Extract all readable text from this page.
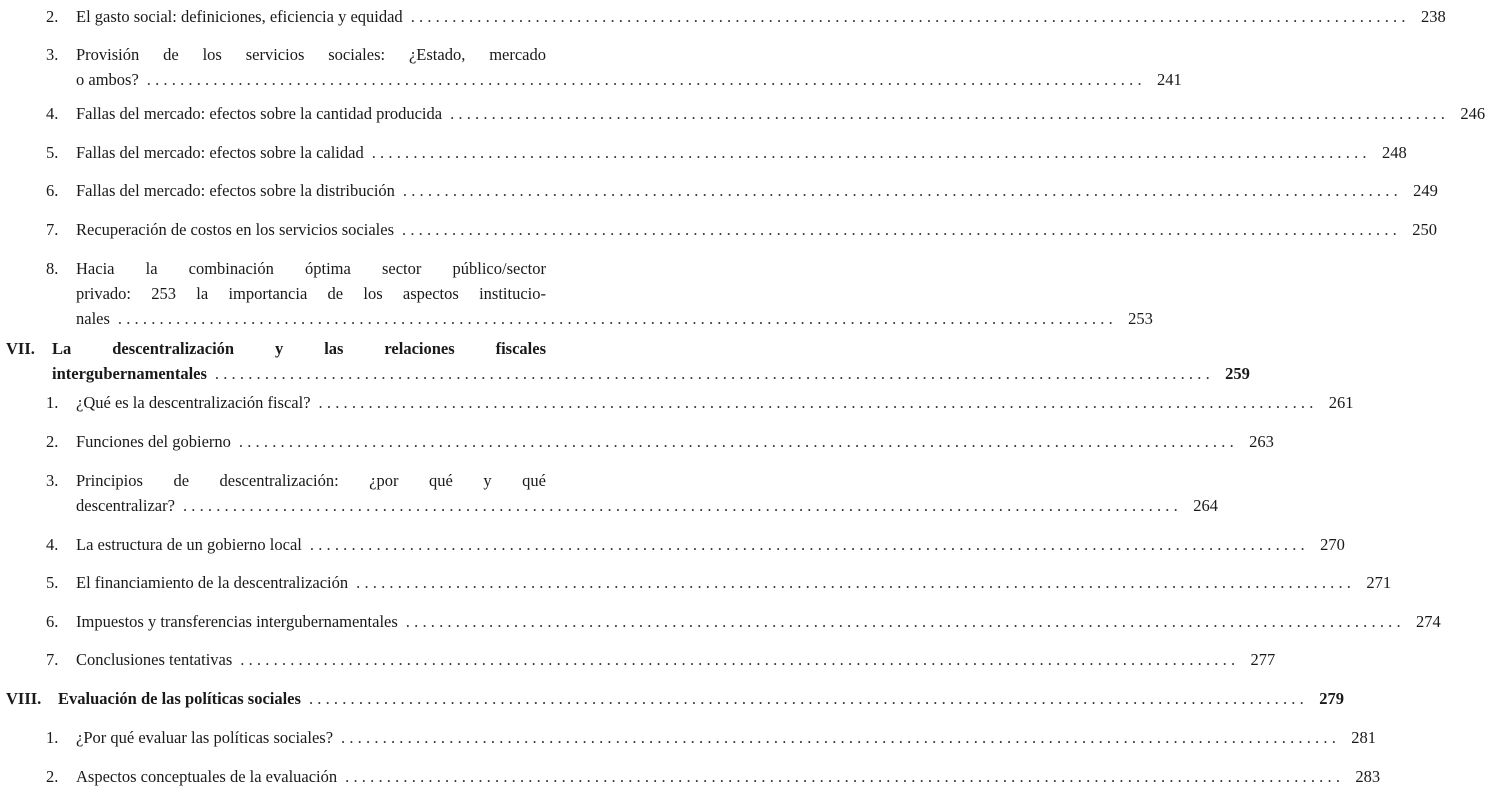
2. El gasto social: definiciones, eficiencia y equidad ........................................................................................................................ 238
3. Provisión de los servicios sociales: ¿Estado, mercado
o ambos? ........................................................................................................................ 241
4. Fallas del mercado: efectos sobre la cantidad producida ........................................................................................................................ 246
5. Fallas del mercado: efectos sobre la calidad ........................................................................................................................ 248
6. Fallas del mercado: efectos sobre la distribución ........................................................................................................................ 249
7. Recuperación de costos en los servicios sociales ........................................................................................................................ 250
8. Hacia la combinación óptima sector público/sector
privado: 253 la importancia de los aspectos institucio-
nales ........................................................................................................................ 253
VII. La descentralización y las relaciones fiscales
intergubernamentales ........................................................................................................................ 259
1. ¿Qué es la descentralización fiscal? ........................................................................................................................ 261
2. Funciones del gobierno ........................................................................................................................ 263
3. Principios de descentralización: ¿por qué y qué
descentralizar? ........................................................................................................................ 264
4. La estructura de un gobierno local ........................................................................................................................ 270
5. El financiamiento de la descentralización ........................................................................................................................ 271
6. Impuestos y transferencias intergubernamentales ........................................................................................................................ 274
7. Conclusiones tentativas ........................................................................................................................ 277
VIII. Evaluación de las políticas sociales ........................................................................................................................ 279
1. ¿Por qué evaluar las políticas sociales? ........................................................................................................................ 281
2. Aspectos conceptuales de la evaluación ........................................................................................................................ 283
